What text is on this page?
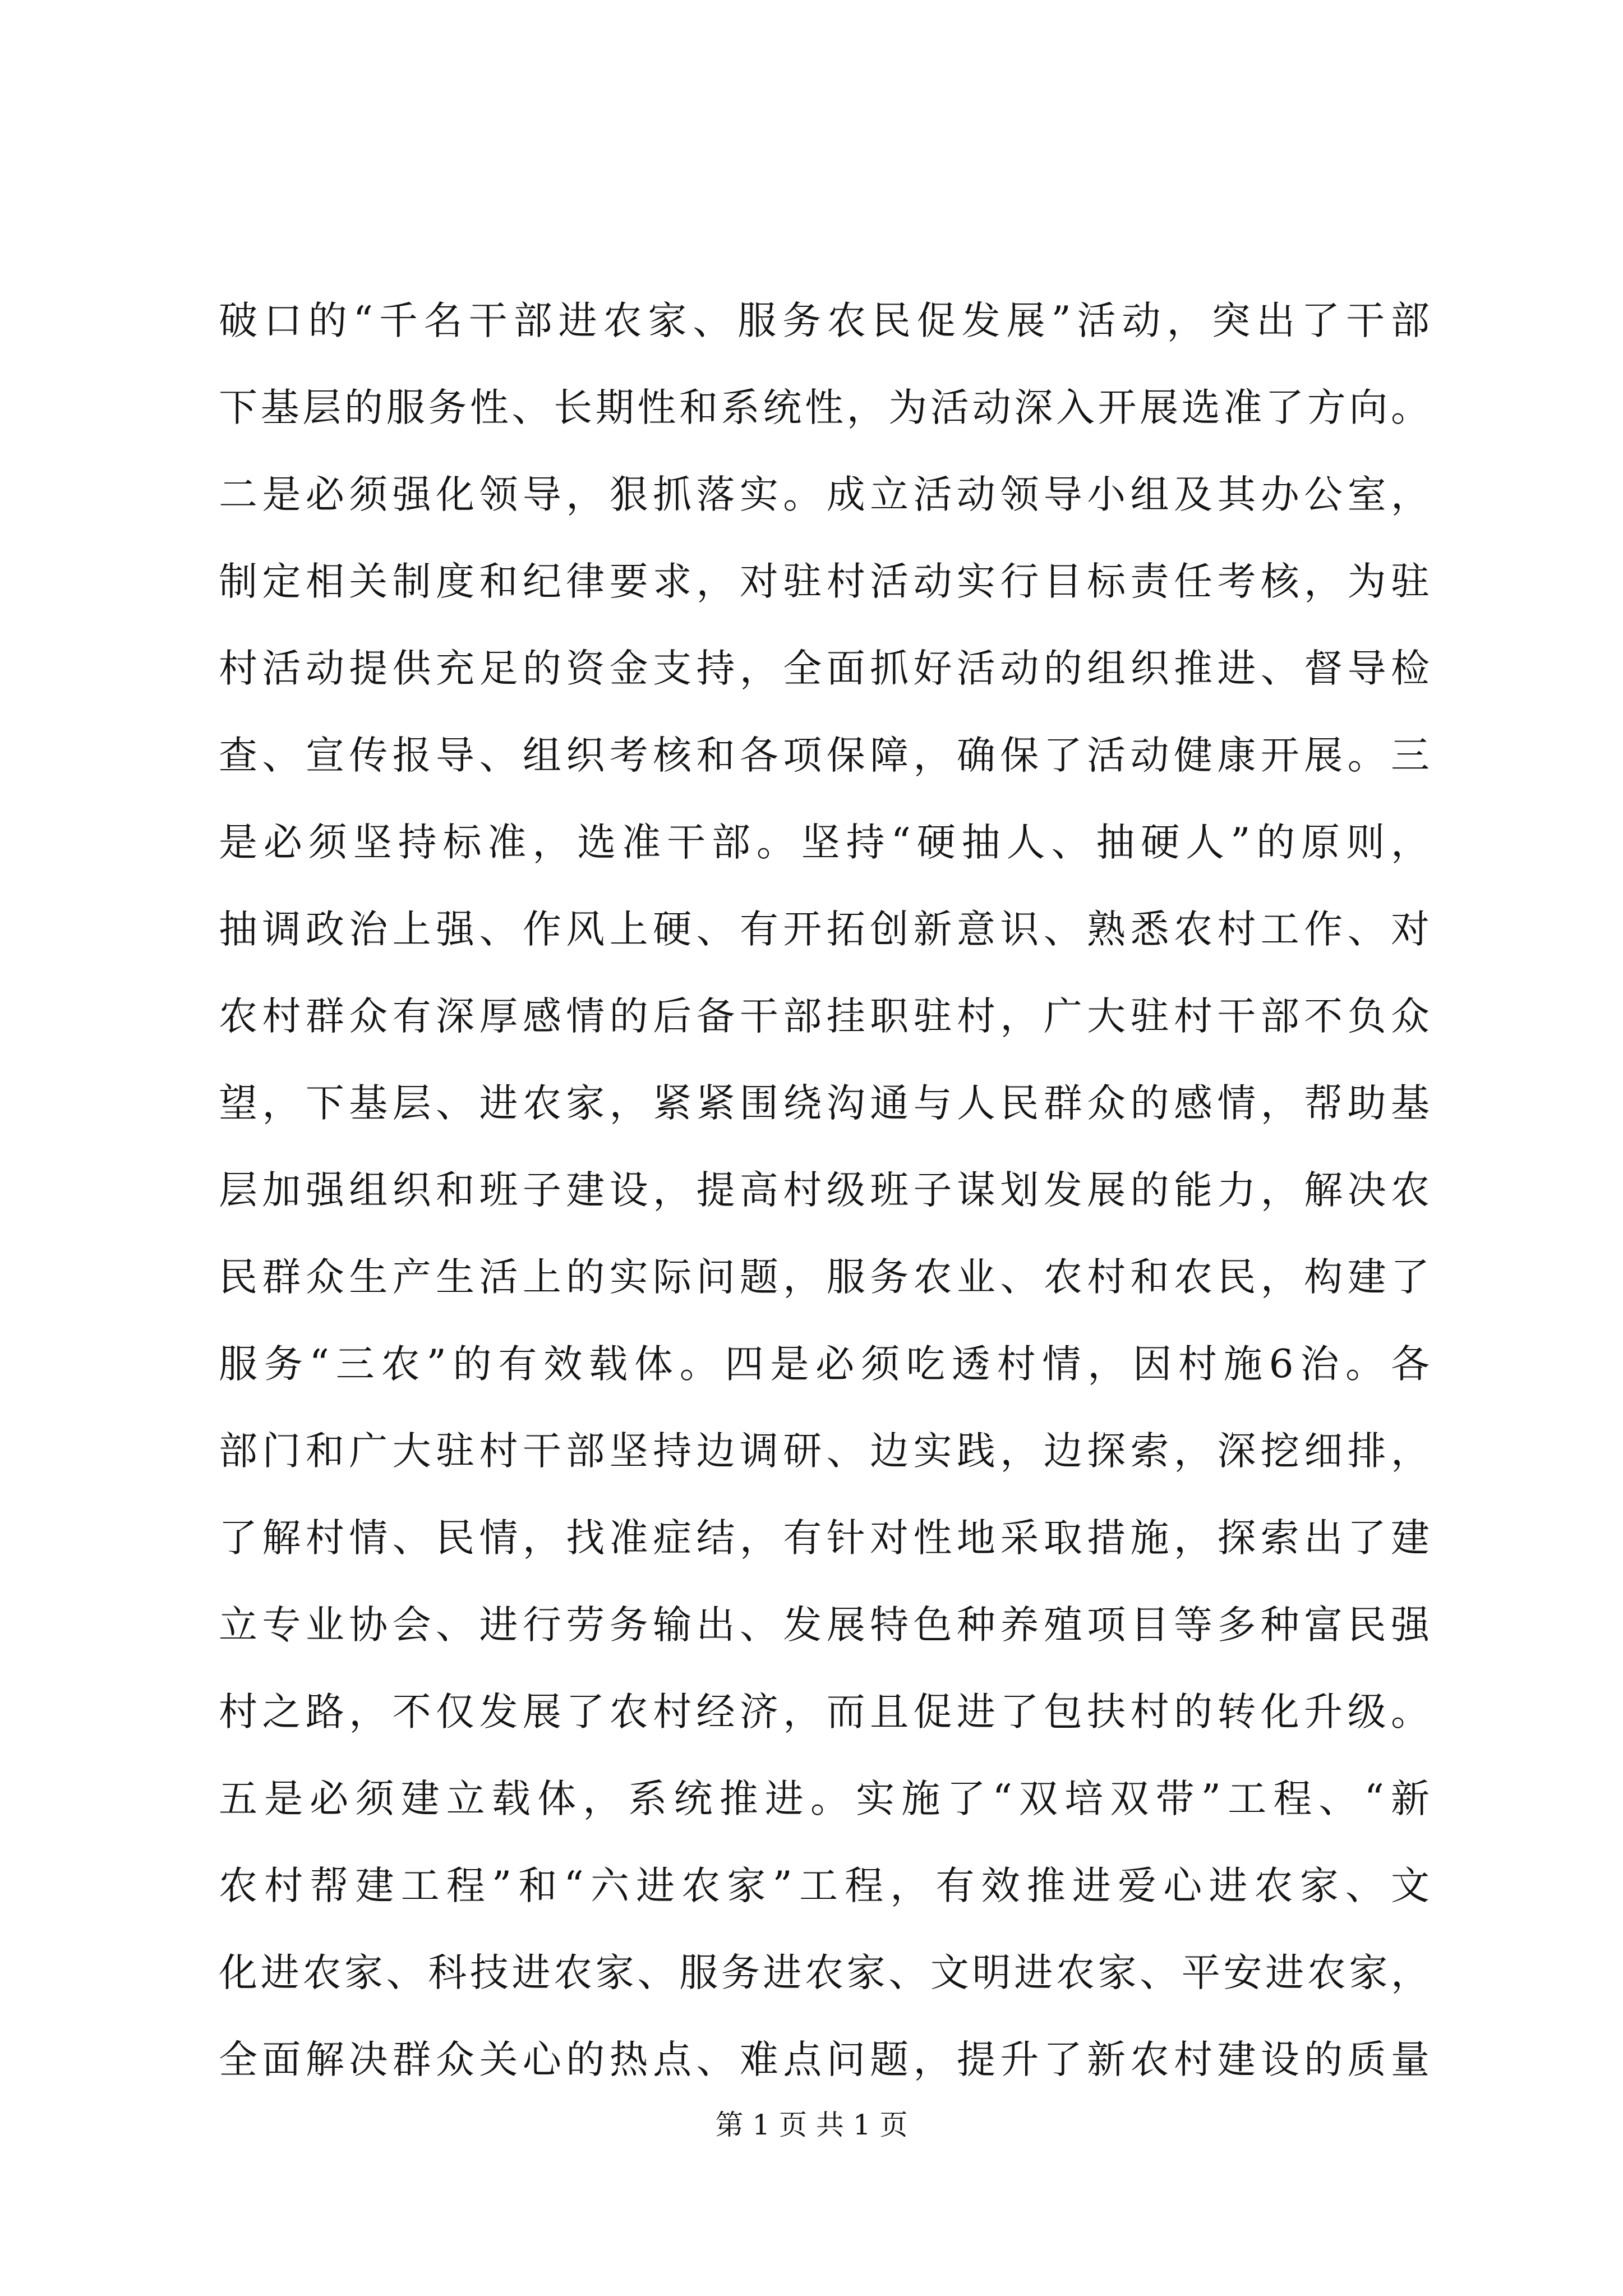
破口的“千名干部进农家、服务农民促发展”活动，突出了干部
下基层的服务性、长期性和系统性，为活动深入开展选准了方向。
二是必须强化领导，狠抓落实。成立活动领导小组及其办公室，
制定相关制度和纪律要求，对驻村活动实行目标责任考核，为驻
村活动提供充足的资金支持，全面抓好活动的组织推进、督导检
查、宣传报导、组织考核和各项保障，确保了活动健康开展。三
是必须坚持标准，选准干部。坚持“硬抽人、抽硬人”的原则，
抽调政治上强、作风上硬、有开拓创新意识、熟悉农村工作、对
农村群众有深厚感情的后备干部挂职驻村，广大驻村干部不负众
望，下基层、进农家，紧紧围绕沟通与人民群众的感情，帮助基
层加强组织和班子建设，提高村级班子谋划发展的能力，解决农
民群众生产生活上的实际问题，服务农业、农村和农民，构建了
服务“三农”的有效载体。四是必须吃透村情，因村施6治。各
部门和广大驻村干部坚持边调研、边实践，边探索，深挖细排，
了解村情、民情，找准症结，有针对性地采取措施，探索出了建
立专业协会、进行劳务输出、发展特色种养殖项目等多种富民强
村之路，不仅发展了农村经济，而且促进了包扶村的转化升级。
五是必须建立载体，系统推进。实施了“双培双带”工程、“新
农村帮建工程”和“六进农家”工程，有效推进爱心进农家、文
化进农家、科技进农家、服务进农家、文明进农家、平安进农家，
全面解决群众关心的热点、难点问题，提升了新农村建设的质量
第 1 页 共 1 页
